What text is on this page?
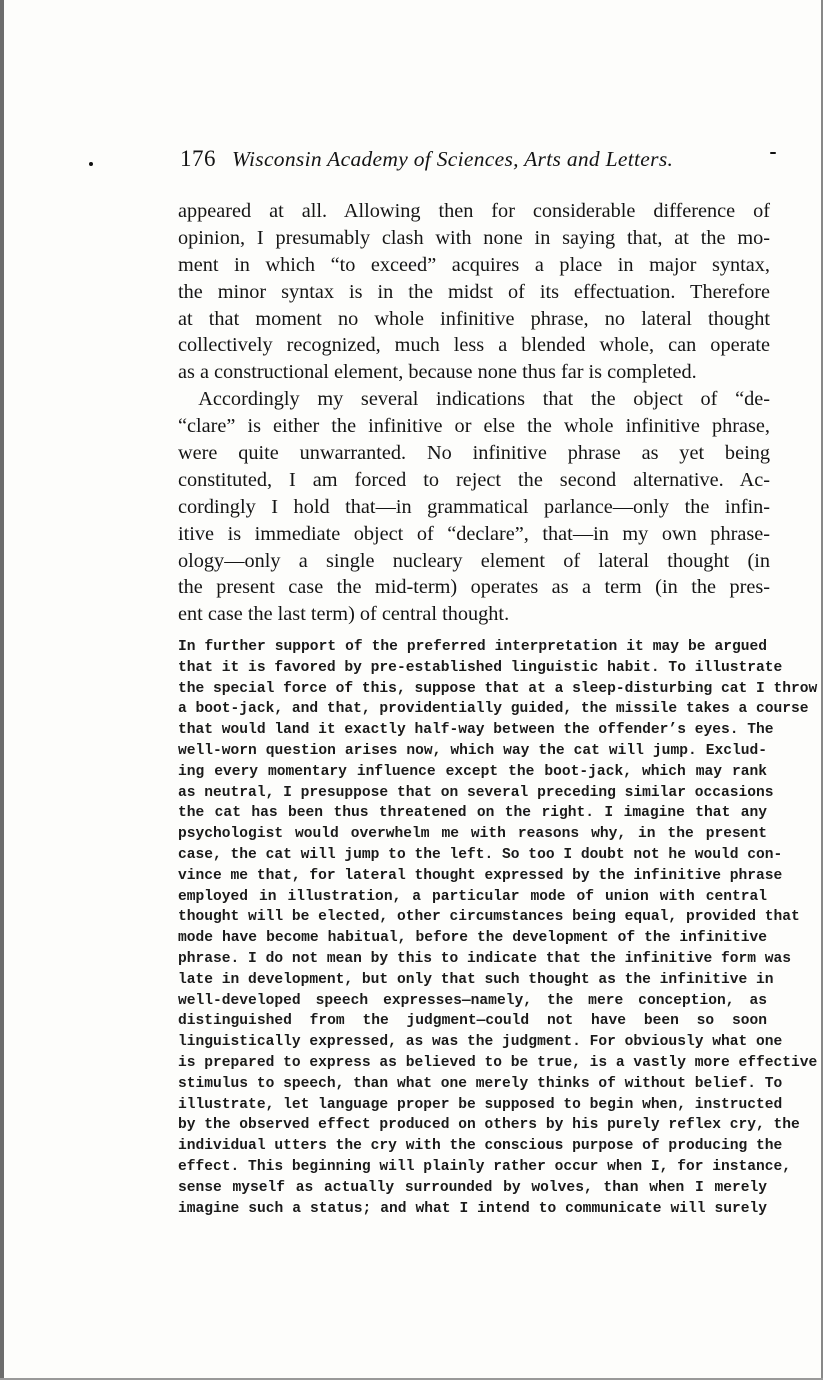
176 Wisconsin Academy of Sciences, Arts and Letters.
appeared at all. Allowing then for considerable difference of
opinion, I presumably clash with none in saying that, at the mo-
ment in which “to exceed” acquires a place in major syntax,
the minor syntax is in the midst of its effectuation. Therefore
at that moment no whole infinitive phrase, no lateral thought
collectively recognized, much less a blended whole, can operate
as a constructional element, because none thus far is completed.
 Accordingly my several indications that the object of “de-
“clare” is either the infinitive or else the whole infinitive phrase,
were quite unwarranted. No infinitive phrase as yet being
constituted, I am forced to reject the second alternative. Ac-
cordingly I hold that—in grammatical parlance—only the infin-
itive is immediate object of “declare”, that—in my own phrase-
ology—only a single nucleary element of lateral thought (in
the present case the mid-term) operates as a term (in the pres-
ent case the last term) of central thought.
In further support of the preferred interpretation it may be argued
that it is favored by pre-established linguistic habit. To illustrate
the special force of this, suppose that at a sleep-disturbing cat I throw
a boot-jack, and that, providentially guided, the missile takes a course
that would land it exactly half-way between the offender’s eyes. The
well-worn question arises now, which way the cat will jump. Exclud-
ing every momentary influence except the boot-jack, which may rank
as neutral, I presuppose that on several preceding similar occasions
the cat has been thus threatened on the right. I imagine that any
psychologist would overwhelm me with reasons why, in the present
case, the cat will jump to the left. So too I doubt not he would con-
vince me that, for lateral thought expressed by the infinitive phrase
employed in illustration, a particular mode of union with central
thought will be elected, other circumstances being equal, provided that
mode have become habitual, before the development of the infinitive
phrase. I do not mean by this to indicate that the infinitive form was
late in development, but only that such thought as the infinitive in
well-developed speech expresses—namely, the mere conception, as
distinguished from the judgment—could not have been so soon
linguistically expressed, as was the judgment. For obviously what one
is prepared to express as believed to be true, is a vastly more effective
stimulus to speech, than what one merely thinks of without belief. To
illustrate, let language proper be supposed to begin when, instructed
by the observed effect produced on others by his purely reflex cry, the
individual utters the cry with the conscious purpose of producing the
effect. This beginning will plainly rather occur when I, for instance,
sense myself as actually surrounded by wolves, than when I merely
imagine such a status; and what I intend to communicate will surely
